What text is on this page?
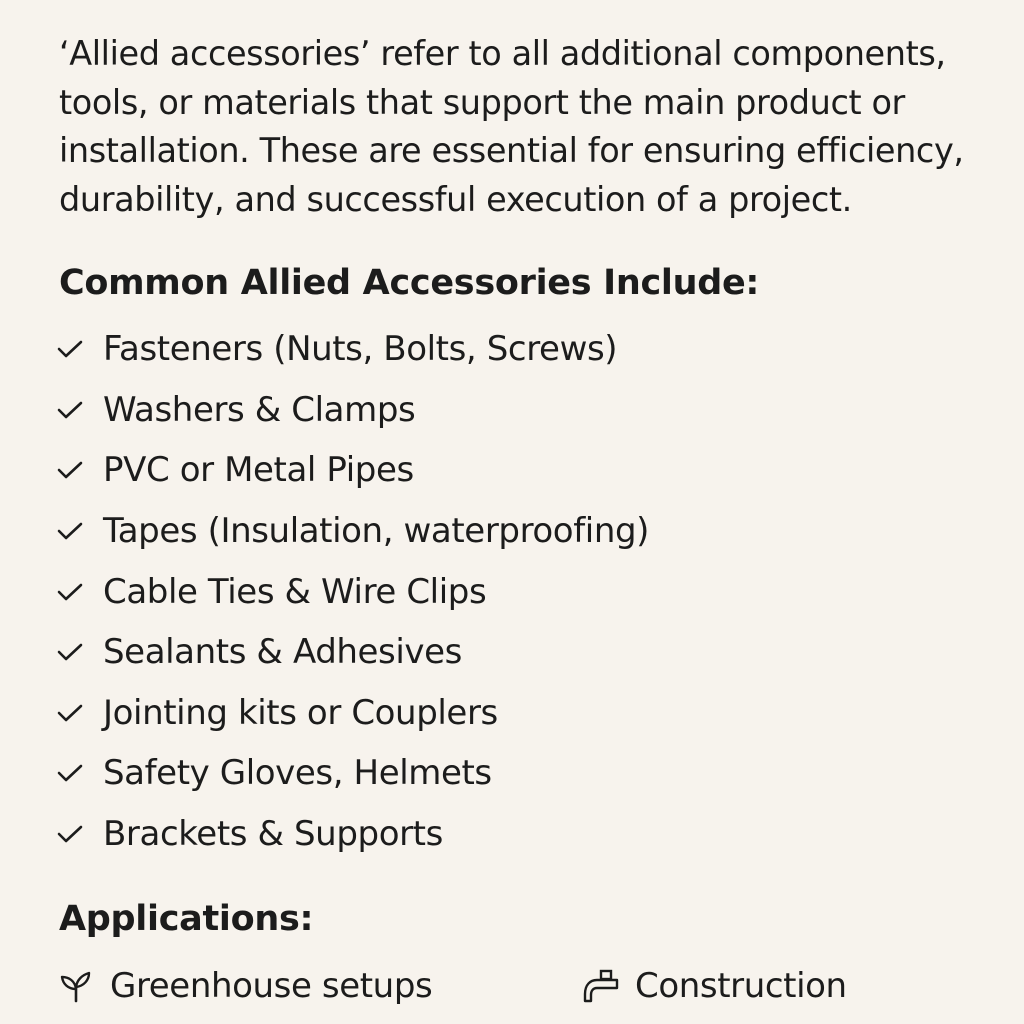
‘Allied accessories’ refer to all additional components, tools, or materials that support the main product or installation. These are essential for ensuring efficiency, durability, and successful execution of a project.

Common Allied Accessories Include:
Fasteners (Nuts, Bolts, Screws)
Washers & Clamps
PVC or Metal Pipes
Tapes (Insulation, waterproofing)
Cable Ties & Wire Clips
Sealants & Adhesives
Jointing kits or Couplers
Safety Gloves, Helmets
Brackets & Supports
Applications:
Greenhouse setups	Construction
